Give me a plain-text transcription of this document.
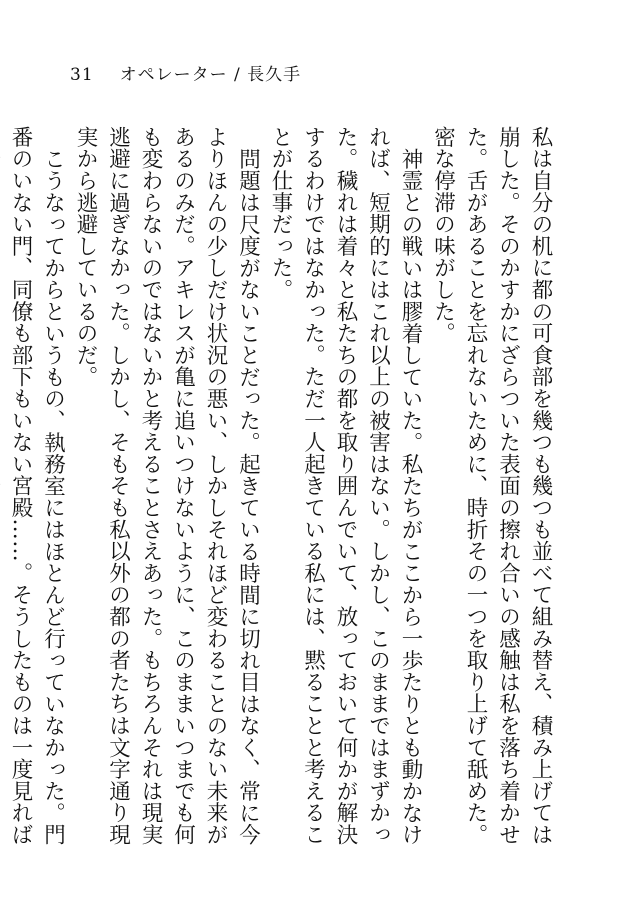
31 オペレーター / 長久手

私は自分の机に都の可食部を幾つも幾つも並べて組み替え、積み上げては崩した。そのかすかにざらついた表面の擦れ合いの感触は私を落ち着かせた。舌があることを忘れないために、時折その一つを取り上げて舐めた。密な停滞の味がした。

神霊との戦いは膠着していた。私たちがここから一歩たりとも動かなければ、短期的にはこれ以上の被害はない。しかし、このままではまずかった。穢れは着々と私たちの都を取り囲んでいて、放っておいて何かが解決するわけではなかった。ただ一人起きている私には、黙ることと考えることが仕事だった。

問題は尺度がないことだった。起きている時間に切れ目はなく、常に今よりほんの少しだけ状況の悪い、しかしそれほど変わることのない未来があるのみだ。アキレスが亀に追いつけないように、このままいつまでも何も変わらないのではないかと考えることさえあった。もちろんそれは現実逃避に過ぎなかった。しかし、そもそも私以外の都の者たちは文字通り現実から逃避しているのだ。

こうなってからというもの、執務室にはほとんど行っていなかった。門番のいない門、同僚も部下もいない宮殿……。そうしたものは一度見れば
